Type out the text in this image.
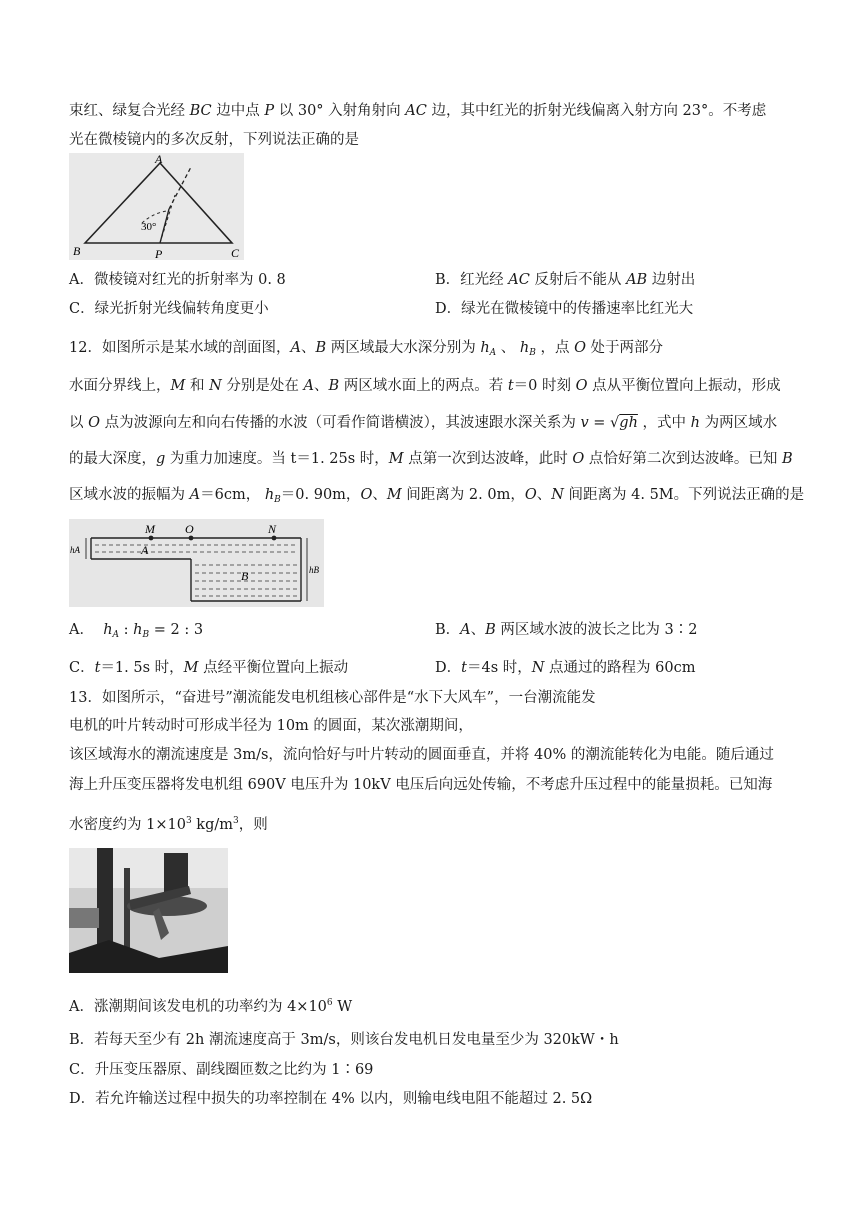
束红、绿复合光经 BC 边中点 P 以 30° 入射角射向 AC 边，其中红光的折射光线偏离入射方向 23°。不考虑
光在微棱镜内的多次反射，下列说法正确的是
A
B	C
P
30°
A．微棱镜对红光的折射率为 0. 8	B．红光经 AC 反射后不能从 AB 边射出
C．绿光折射光线偏转角度更小	D．绿光在微棱镜中的传播速率比红光大
12．如图所示是某水域的剖面图，A、B 两区域最大水深分别为 $h_A$ 、 $h_B$ ，点 O 处于两部分
水面分界线上，M 和 N 分别是处在 A、B 两区域水面上的两点。若 t＝0 时刻 O 点从平衡位置向上振动，形成
以 O 点为波源向左和向右传播的水波（可看作简谐横波），其波速跟水深关系为 v = √gh ，式中 h 为两区域水
的最大深度，g 为重力加速度。当 t＝1. 25s 时，M 点第一次到达波峰，此时 O 点恰好第二次到达波峰。已知 B
区域水波的振幅为 A＝6cm， $h_B=0$. 90m，O、M 间距离为 2. 0m，O、N 间距离为 4. 5M。下列说法正确的是
M	O	N
hA
hB
A
B
A．  $h_A$ : $h_B = 2$ : 3	B．A、B 两区域水波的波长之比为 3∶2
C．t＝1. 5s 时，M 点经平衡位置向上振动	D．t＝4s 时，N 点通过的路程为 60cm
13．如图所示，“奋进号”潮流能发电机组核心部件是“水下大风车”，一台潮流能发
电机的叶片转动时可形成半径为 10m 的圆面，某次涨潮期间，
该区域海水的潮流速度是 3m/s，流向恰好与叶片转动的圆面垂直，并将 40% 的潮流能转化为电能。随后通过
海上升压变压器将发电机组 690V 电压升为 10kV 电压后向远处传输，不考虑升压过程中的能量损耗。已知海
水密度约为 $1\times 10^3$ $kg/m^3$，则
A．涨潮期间该发电机的功率约为 $4\times 10^6$ W
B．若每天至少有 2h 潮流速度高于 3m/s，则该台发电机日发电量至少为 320kW・h
C．升压变压器原、副线圈匝数之比约为 1∶69
D．若允许输送过程中损失的功率控制在 4% 以内，则输电线电阻不能超过 2. 5Ω
